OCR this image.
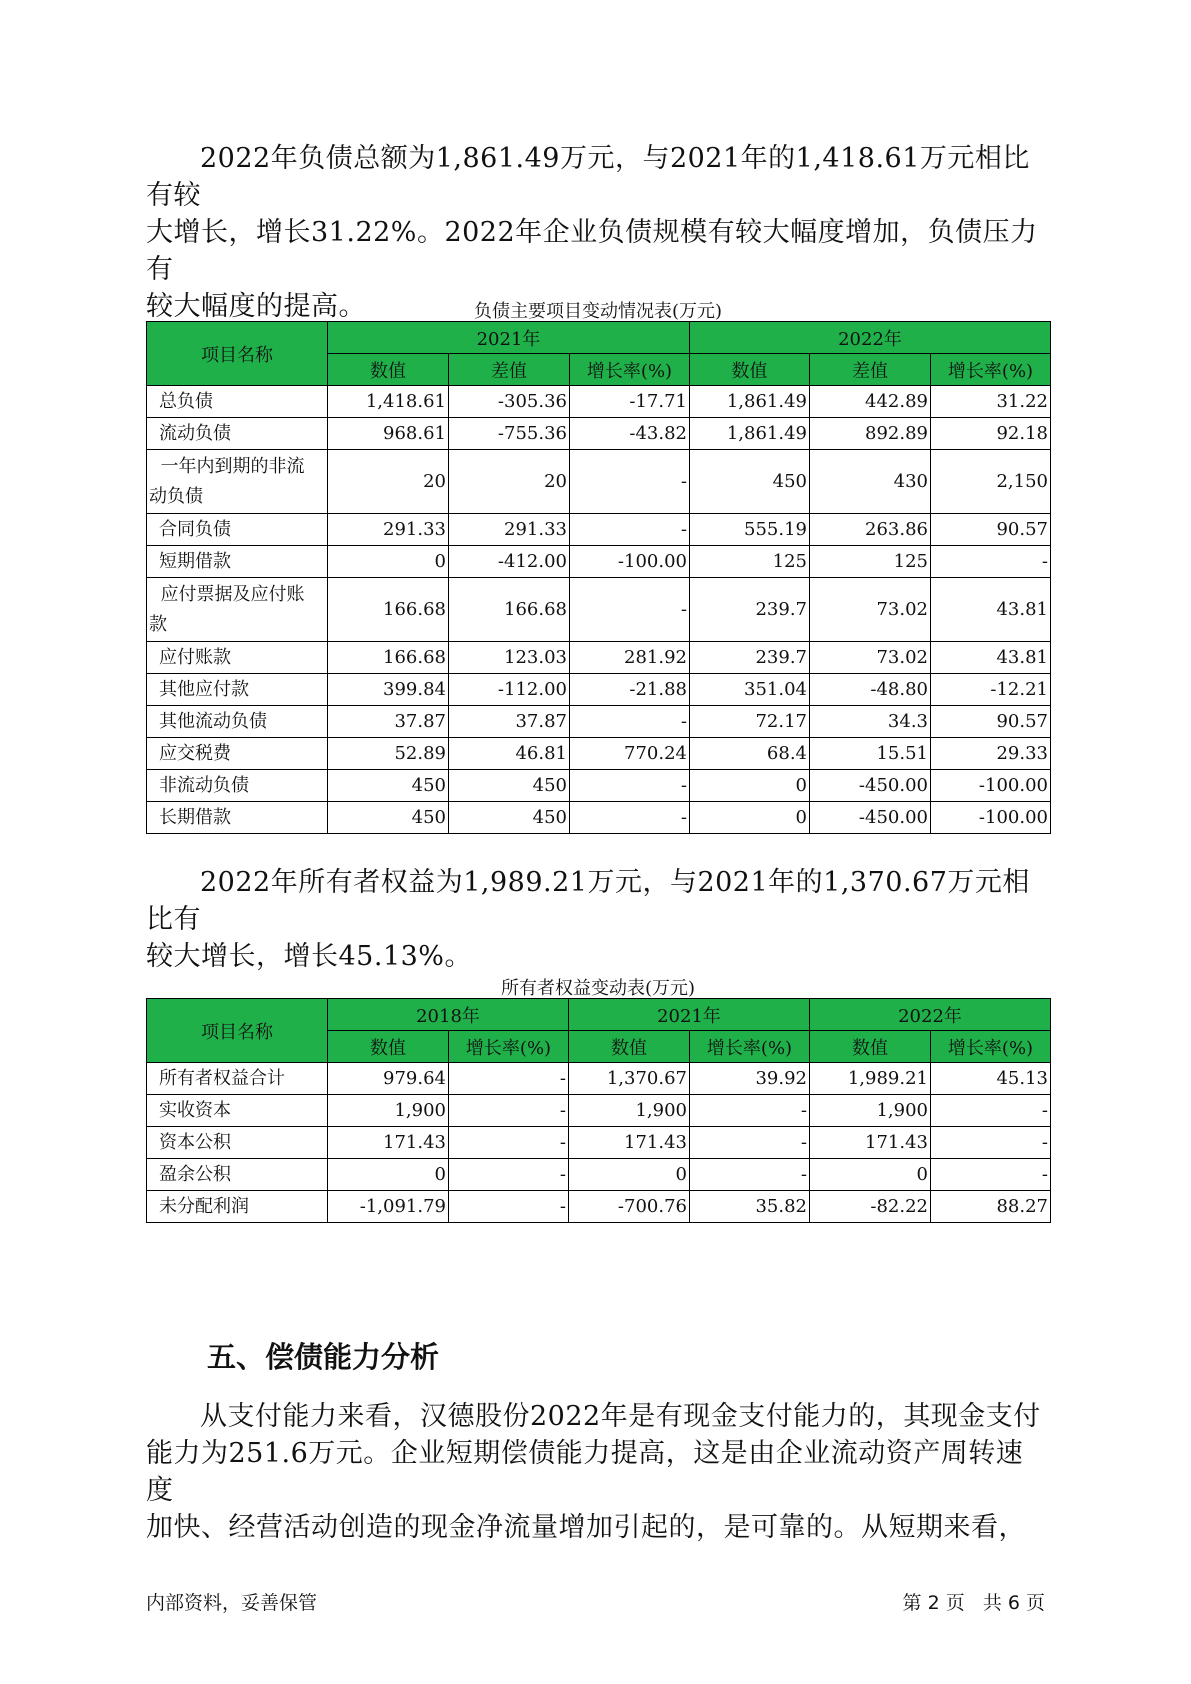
2022年负债总额为1,861.49万元，与2021年的1,418.61万元相比有较
大增长，增长31.22%。2022年企业负债规模有较大幅度增加，负债压力有
较大幅度的提高。	负债主要项目变动情况表(万元)

项目名称	2021年			2022年		
	数值	差值	增长率(%)	数值	差值	增长率(%)
总负债	1,418.61	-305.36	-17.71	1,861.49	442.89	31.22
流动负债	968.61	-755.36	-43.82	1,861.49	892.89	92.18
一年内到期的非流
动负债	20	20	-	450	430	2,150
合同负债	291.33	291.33	-	555.19	263.86	90.57
短期借款	0	-412.00	-100.00	125	125	-
应付票据及应付账
款	166.68	166.68	-	239.7	73.02	43.81
应付账款	166.68	123.03	281.92	239.7	73.02	43.81
其他应付款	399.84	-112.00	-21.88	351.04	-48.80	-12.21
其他流动负债	37.87	37.87	-	72.17	34.3	90.57
应交税费	52.89	46.81	770.24	68.4	15.51	29.33
非流动负债	450	450	-	0	-450.00	-100.00
长期借款	450	450	-	0	-450.00	-100.00

2022年所有者权益为1,989.21万元，与2021年的1,370.67万元相比有
较大增长，增长45.13%。

所有者权益变动表(万元)

项目名称	2018年		2021年		2022年	
	数值	增长率(%)	数值	增长率(%)	数值	增长率(%)
所有者权益合计	979.64	-	1,370.67	39.92	1,989.21	45.13
实收资本	1,900	-	1,900	-	1,900	-
资本公积	171.43	-	171.43	-	171.43	-
盈余公积	0	-	0	-	0	-
未分配利润	-1,091.79	-	-700.76	35.82	-82.22	88.27
五、偿债能力分析

从支付能力来看，汉德股份2022年是有现金支付能力的，其现金支付
能力为251.6万元。企业短期偿债能力提高，这是由企业流动资产周转速度
加快、经营活动创造的现金净流量增加引起的，是可靠的。从短期来看，

内部资料，妥善保管	第 2 页   共 6 页
